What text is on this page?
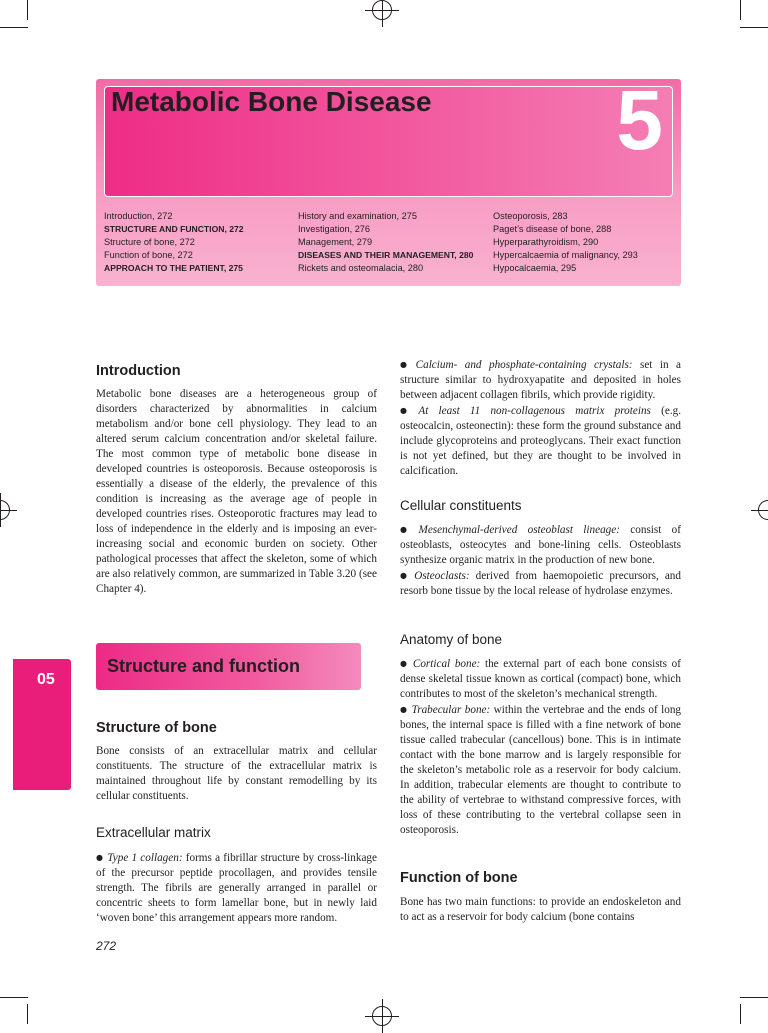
Metabolic Bone Disease 5
Introduction, 272
STRUCTURE AND FUNCTION, 272
Structure of bone, 272
Function of bone, 272
APPROACH TO THE PATIENT, 275
History and examination, 275
Investigation, 276
Management, 279
DISEASES AND THEIR MANAGEMENT, 280
Rickets and osteomalacia, 280
Osteoporosis, 283
Paget’s disease of bone, 288
Hyperparathyroidism, 290
Hypercalcaemia of malignancy, 293
Hypocalcaemia, 295
05
Introduction

Metabolic bone diseases are a heterogeneous group of disorders characterized by abnormalities in calcium metabolism and/or bone cell physiology. They lead to an altered serum calcium concentration and/or skeletal failure. The most common type of metabolic bone disease in developed countries is osteoporosis. Because osteoporosis is essentially a disease of the elderly, the prevalence of this condition is increasing as the average age of people in developed countries rises. Osteoporotic fractures may lead to loss of independence in the elderly and is imposing an ever-increasing social and economic burden on society. Other pathological processes that affect the skeleton, some of which are also relatively common, are summarized in Table 3.20 (see Chapter 4).

Structure and function
Structure of bone

Bone consists of an extracellular matrix and cellular constituents. The structure of the extracellular matrix is maintained throughout life by constant remodelling by its cellular constituents.

Extracellular matrix

● Type 1 collagen: forms a fibrillar structure by cross-linkage of the precursor peptide procollagen, and provides tensile strength. The fibrils are generally arranged in parallel or concentric sheets to form lamellar bone, but in newly laid ‘woven bone’ this arrangement appears more random.

● Calcium- and phosphate-containing crystals: set in a structure similar to hydroxyapatite and deposited in holes between adjacent collagen fibrils, which provide rigidity.

● At least 11 non-collagenous matrix proteins (e.g. osteocalcin, osteonectin): these form the ground substance and include glycoproteins and proteoglycans. Their exact function is not yet defined, but they are thought to be involved in calcification.

Cellular constituents

● Mesenchymal-derived osteoblast lineage: consist of osteoblasts, osteocytes and bone-lining cells. Osteoblasts synthesize organic matrix in the production of new bone.

● Osteoclasts: derived from haemopoietic precursors, and resorb bone tissue by the local release of hydrolase enzymes.

Anatomy of bone

● Cortical bone: the external part of each bone consists of dense skeletal tissue known as cortical (compact) bone, which contributes to most of the skeleton’s mechanical strength.

● Trabecular bone: within the vertebrae and the ends of long bones, the internal space is filled with a fine network of bone tissue called trabecular (cancellous) bone. This is in intimate contact with the bone marrow and is largely responsible for the skeleton’s metabolic role as a reservoir for body calcium. In addition, trabecular elements are thought to contribute to the ability of vertebrae to withstand compressive forces, with loss of these contributing to the vertebral collapse seen in osteoporosis.

Function of bone

Bone has two main functions: to provide an endoskeleton and to act as a reservoir for body calcium (bone contains

272
